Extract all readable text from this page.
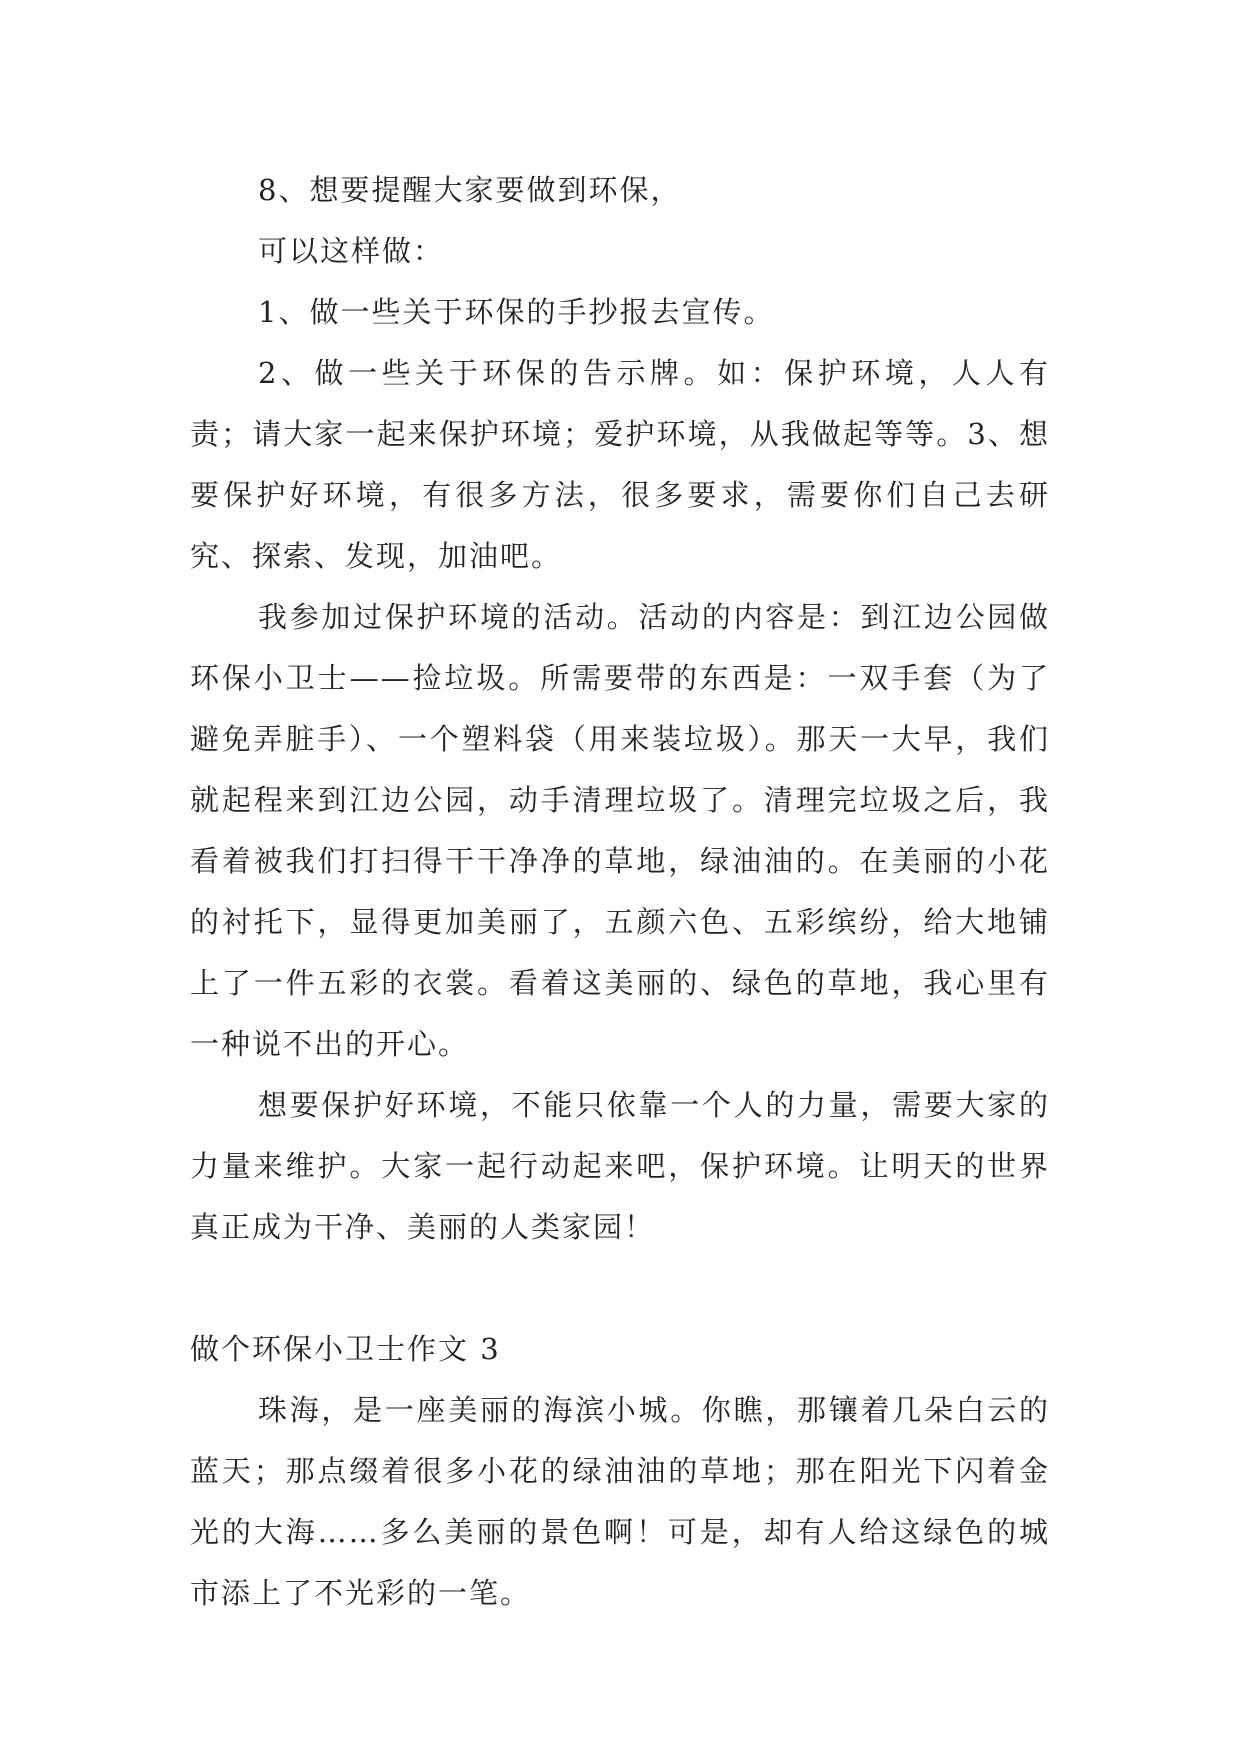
8、想要提醒大家要做到环保，

可以这样做：

1、做一些关于环保的手抄报去宣传。

2、做一些关于环保的告示牌。如：保护环境，人人有责；请大家一起来保护环境；爱护环境，从我做起等等。3、想要保护好环境，有很多方法，很多要求，需要你们自己去研究、探索、发现，加油吧。

我参加过保护环境的活动。活动的内容是：到江边公园做环保小卫士——捡垃圾。所需要带的东西是：一双手套（为了避免弄脏手）、一个塑料袋（用来装垃圾）。那天一大早，我们就起程来到江边公园，动手清理垃圾了。清理完垃圾之后，我看着被我们打扫得干干净净的草地，绿油油的。在美丽的小花的衬托下，显得更加美丽了，五颜六色、五彩缤纷，给大地铺上了一件五彩的衣裳。看着这美丽的、绿色的草地，我心里有一种说不出的开心。

想要保护好环境，不能只依靠一个人的力量，需要大家的力量来维护。大家一起行动起来吧，保护环境。让明天的世界真正成为干净、美丽的人类家园！

做个环保小卫士作文 3

珠海，是一座美丽的海滨小城。你瞧，那镶着几朵白云的蓝天；那点缀着很多小花的绿油油的草地；那在阳光下闪着金光的大海……多么美丽的景色啊！可是，却有人给这绿色的城市添上了不光彩的一笔。
